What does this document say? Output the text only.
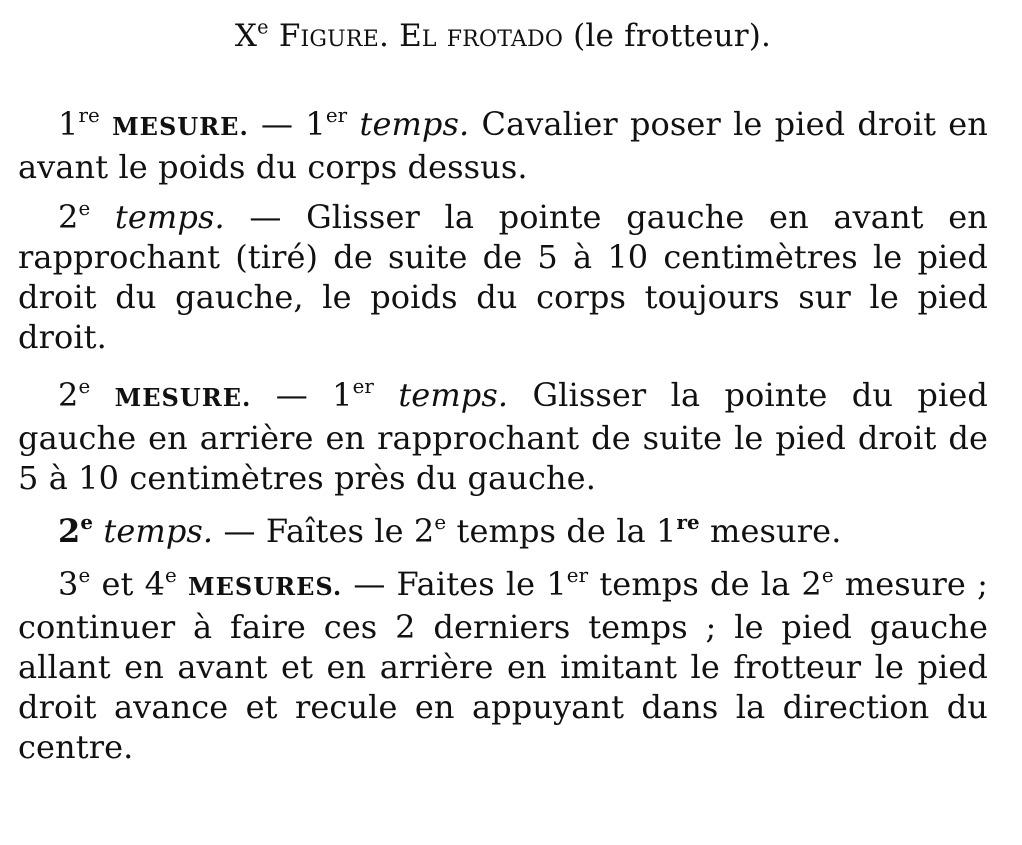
Xe Figure. El frotado (le frotteur).

1re MESURE. — 1er temps. Cavalier poser le pied droit en avant le poids du corps dessus.

2e temps. — Glisser la pointe gauche en avant en rapprochant (tiré) de suite de 5 à 10 centimètres le pied droit du gauche, le poids du corps toujours sur le pied droit.

2e MESURE. — 1er temps. Glisser la pointe du pied gauche en arrière en rapprochant de suite le pied droit de 5 à 10 centimètres près du gauche.

2e temps. — Faîtes le 2e temps de la 1re mesure.

3e et 4e MESURES. — Faites le 1er temps de la 2e mesure ; continuer à faire ces 2 derniers temps ; le pied gauche allant en avant et en arrière en imitant le frotteur le pied droit avance et recule en appuyant dans la direction du centre.
